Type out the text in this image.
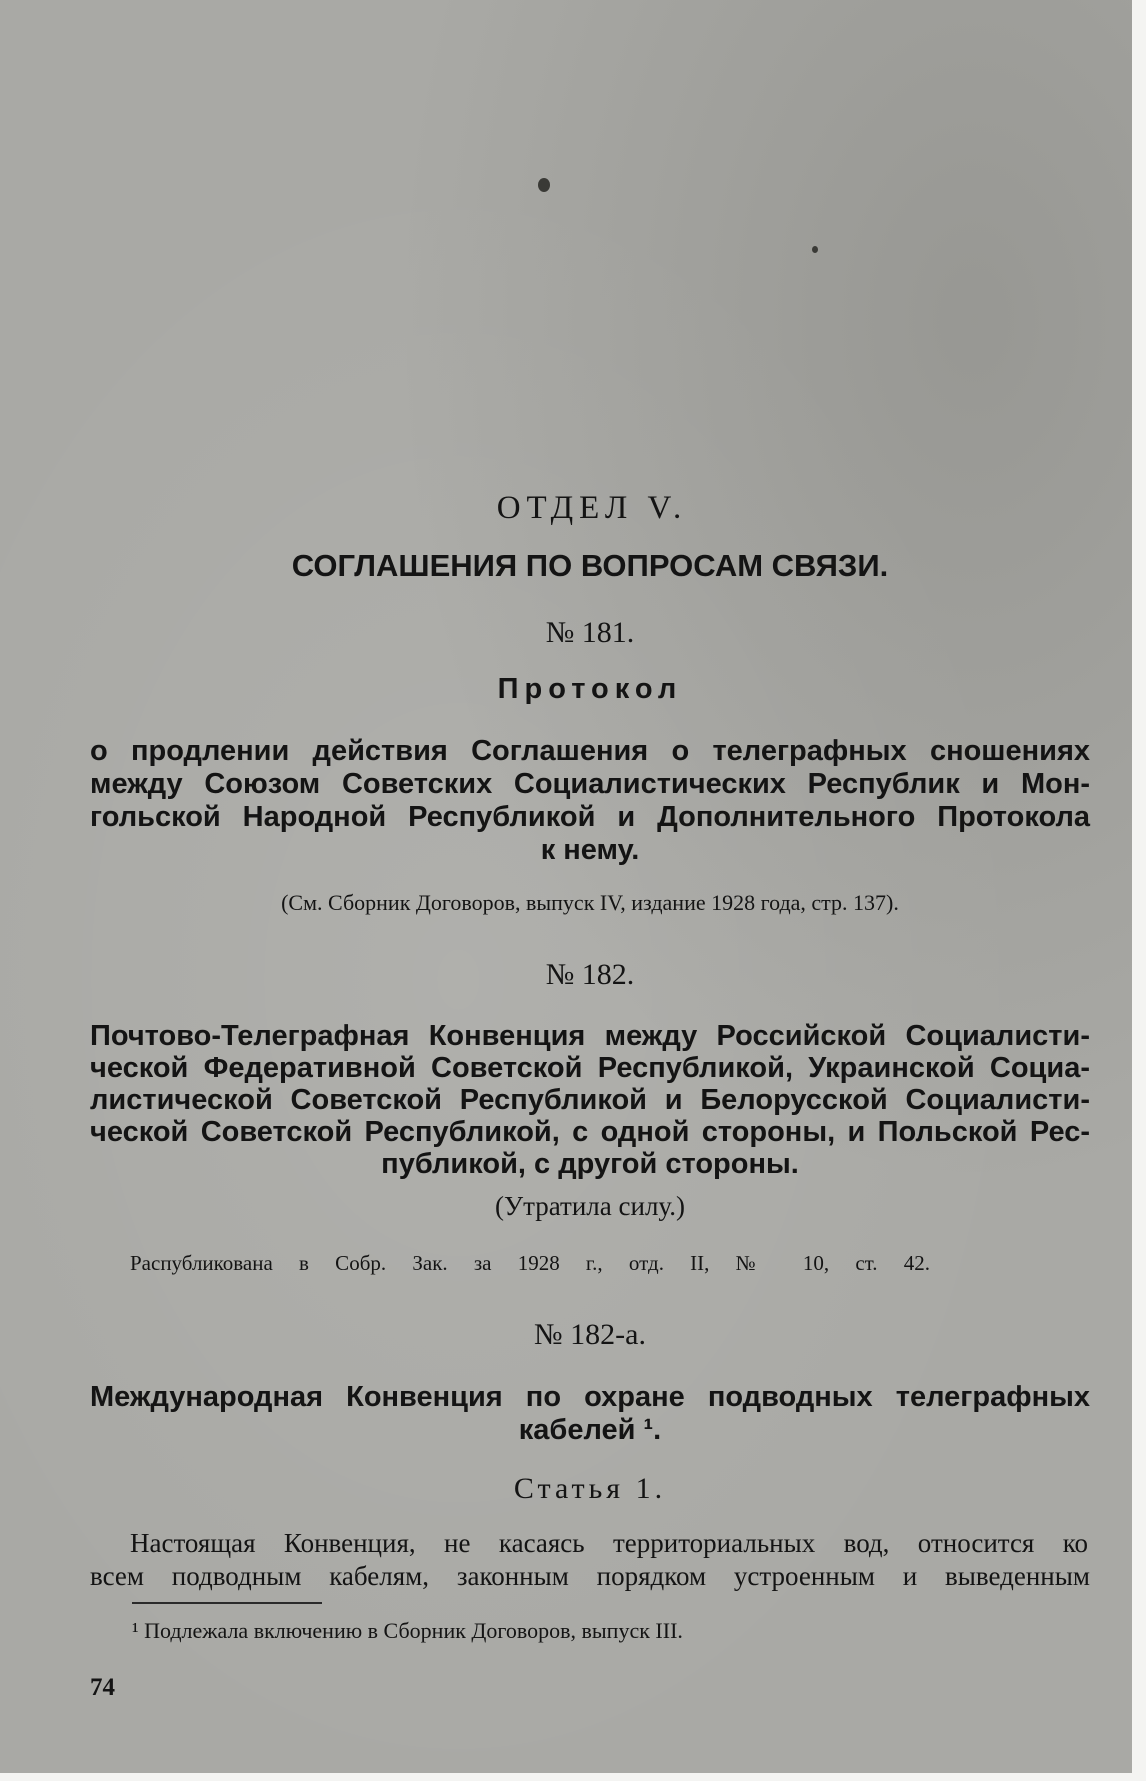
ОТДЕЛ V.
СОГЛАШЕНИЯ ПО ВОПРОСАМ СВЯЗИ.
№ 181.
Протокол
о продлении действия Соглашения о телеграфных сношениях
между Союзом Советских Социалистических Республик и Мон-
гольской Народной Республикой и Дополнительного Протокола
к нему.
(См. Сборник Договоров, выпуск IV, издание 1928 года, стр. 137).
№ 182.
Почтово-Телеграфная Конвенция между Российской Социалисти-
ческой Федеративной Советской Республикой, Украинской Социа-
листической Советской Республикой и Белорусской Социалисти-
ческой Советской Республикой, с одной стороны, и Польской Рес-
публикой, с другой стороны.
(Утратила силу.)
Распубликована в Собр. Зак. за 1928 г., отд. II, № 10, ст. 42.
№ 182-а.
Международная Конвенция по охране подводных телеграфных
кабелей ¹.
Статья 1.
Настоящая Конвенция, не касаясь территориальных вод, относится ко
всем подводным кабелям, законным порядком устроенным и выведенным
¹ Подлежала включению в Сборник Договоров, выпуск III.
74
